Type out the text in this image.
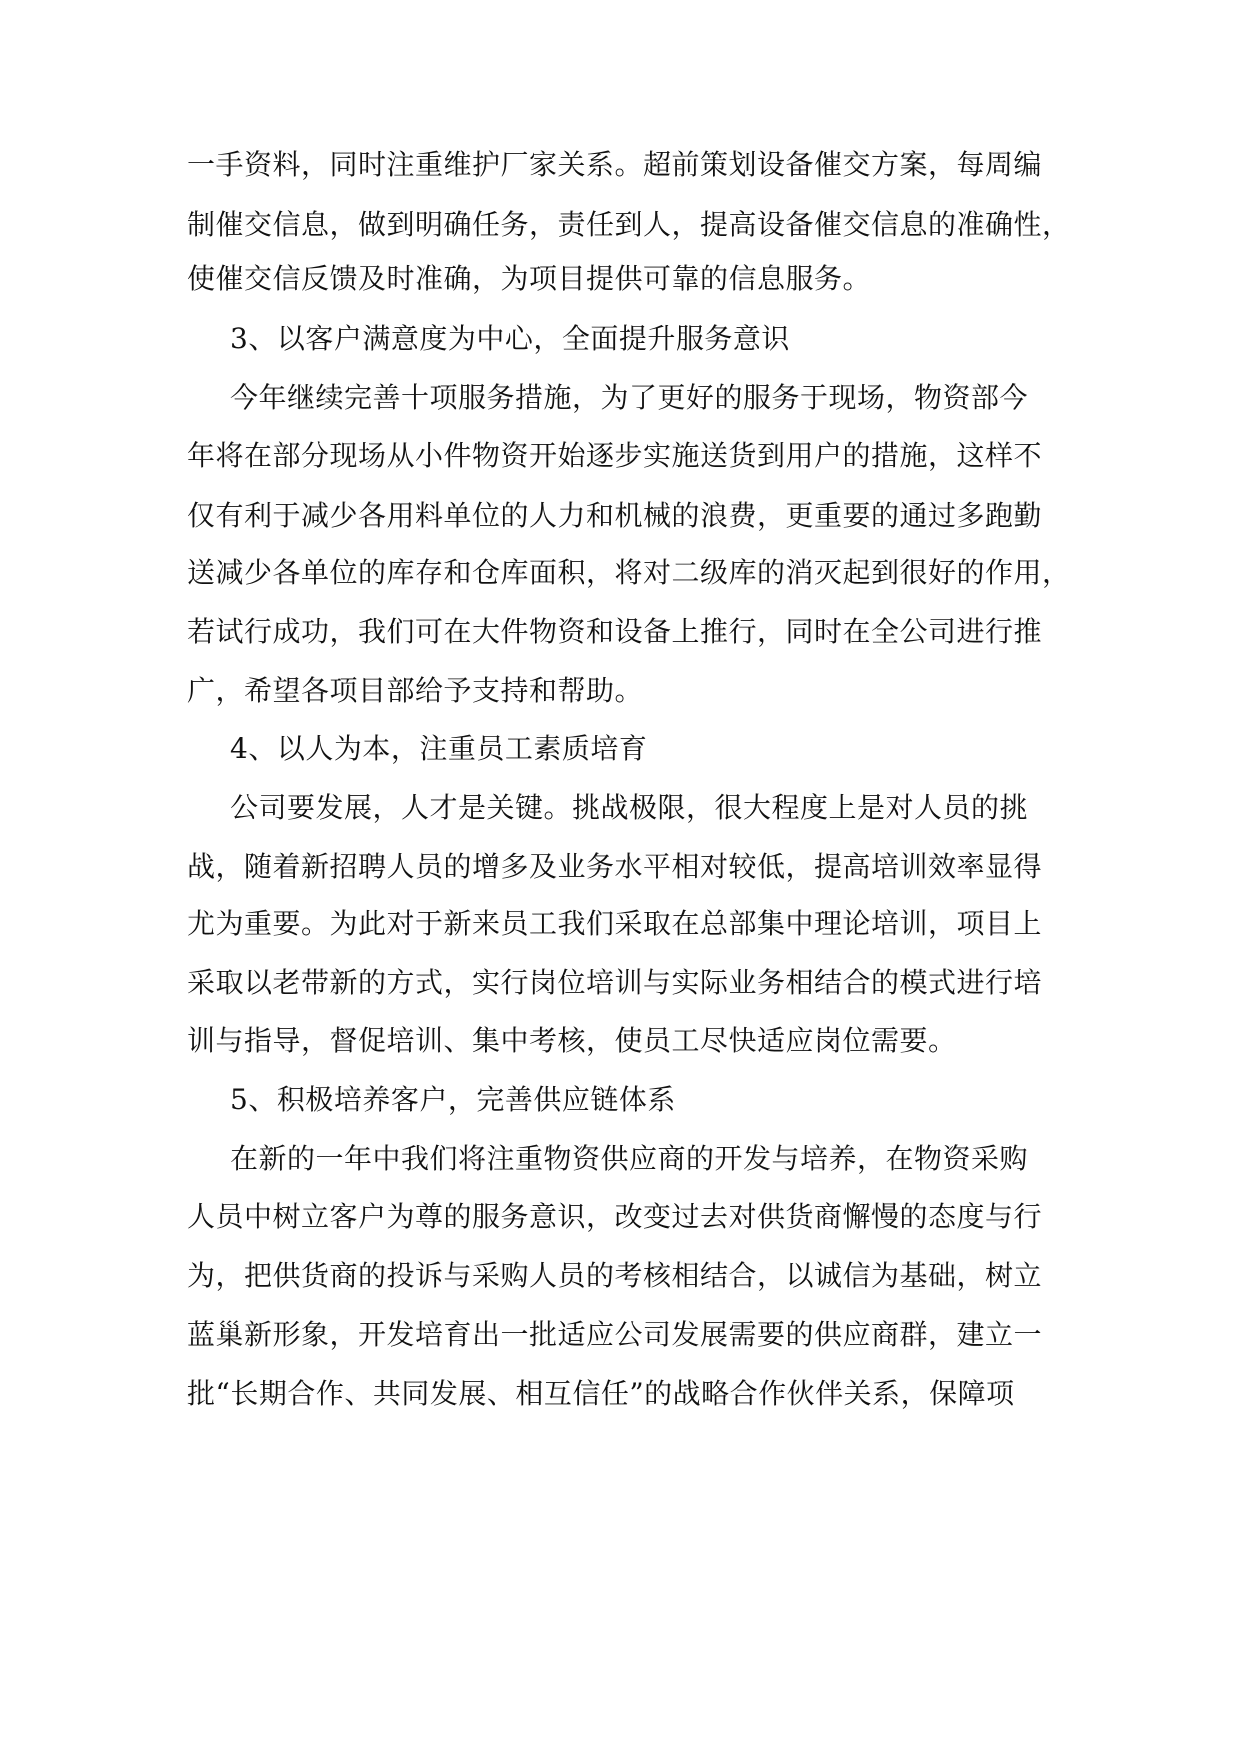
一手资料，同时注重维护厂家关系。超前策划设备催交方案，每周编
制催交信息，做到明确任务，责任到人，提高设备催交信息的准确性，
使催交信反馈及时准确，为项目提供可靠的信息服务。
3、以客户满意度为中心，全面提升服务意识
今年继续完善十项服务措施，为了更好的服务于现场，物资部今
年将在部分现场从小件物资开始逐步实施送货到用户的措施，这样不
仅有利于减少各用料单位的人力和机械的浪费，更重要的通过多跑勤
送减少各单位的库存和仓库面积，将对二级库的消灭起到很好的作用，
若试行成功，我们可在大件物资和设备上推行，同时在全公司进行推
广，希望各项目部给予支持和帮助。
4、以人为本，注重员工素质培育
公司要发展，人才是关键。挑战极限，很大程度上是对人员的挑
战，随着新招聘人员的增多及业务水平相对较低，提高培训效率显得
尤为重要。为此对于新来员工我们采取在总部集中理论培训，项目上
采取以老带新的方式，实行岗位培训与实际业务相结合的模式进行培
训与指导，督促培训、集中考核，使员工尽快适应岗位需要。
5、积极培养客户，完善供应链体系
在新的一年中我们将注重物资供应商的开发与培养，在物资采购
人员中树立客户为尊的服务意识，改变过去对供货商懈慢的态度与行
为，把供货商的投诉与采购人员的考核相结合，以诚信为基础，树立
蓝巢新形象，开发培育出一批适应公司发展需要的供应商群，建立一
批“长期合作、共同发展、相互信任”的战略合作伙伴关系，保障项
